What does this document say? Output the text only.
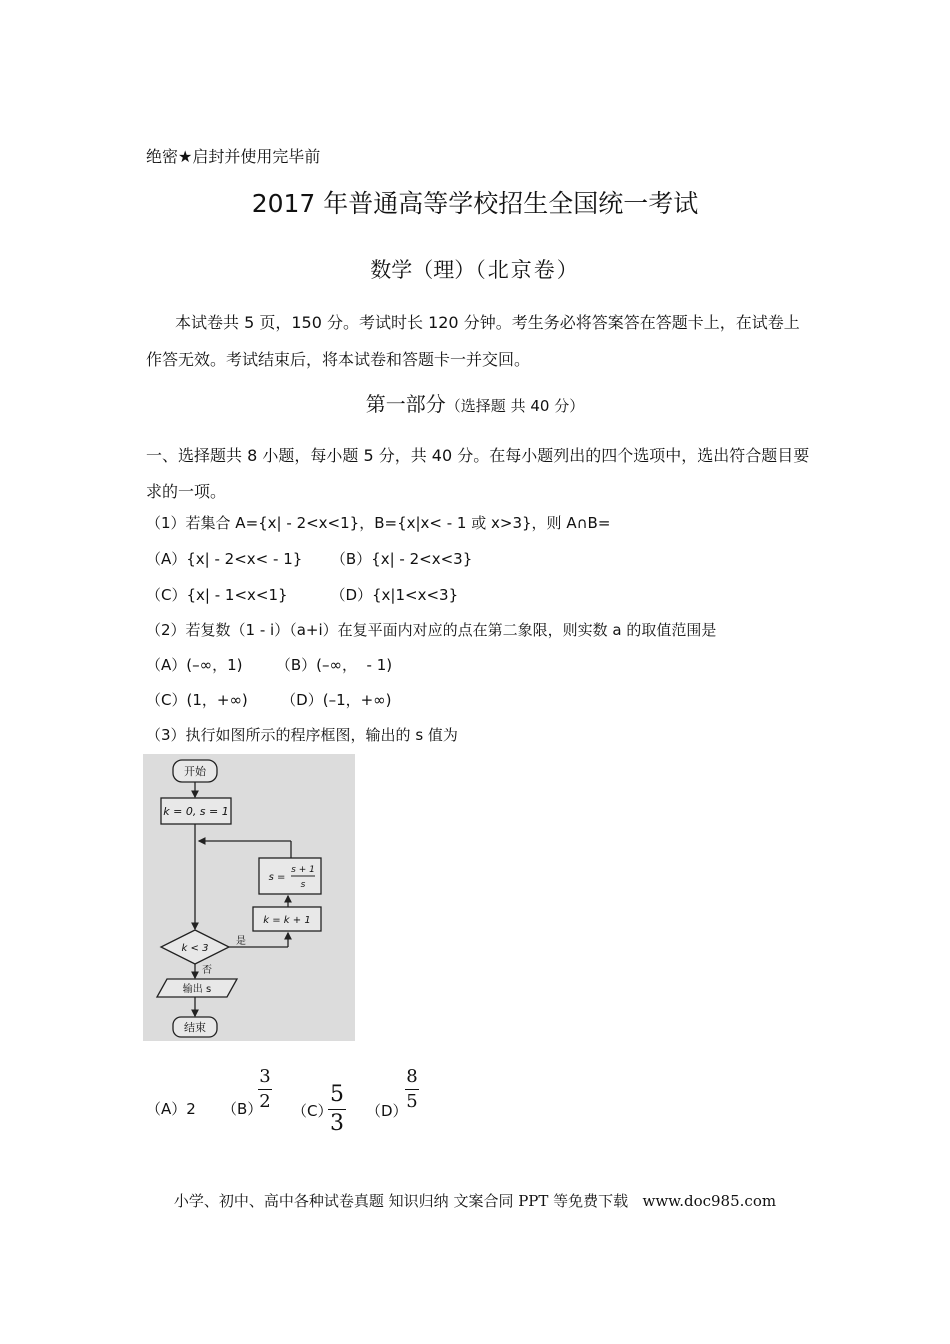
绝密★启封并使用完毕前
2017 年普通高等学校招生全国统一考试
数学（理）（北京卷）
本试卷共 5 页，150 分。考试时长 120 分钟。考生务必将答案答在答题卡上，在试卷上作答无效。考试结束后，将本试卷和答题卡一并交回。
第一部分（选择题 共 40 分）
一、选择题共 8 小题，每小题 5 分，共 40 分。在每小题列出的四个选项中，选出符合题目要求的一项。
（1）若集合 A={x| - 2<x<1}，B={x|x< - 1 或 x>3}，则 A∩B=
（A）{x| - 2<x< - 1}      （B）{x| - 2<x<3}
（C）{x| - 1<x<1}         （D）{x|1<x<3}
（2）若复数（1 - i）（a+i）在复平面内对应的点在第二象限，则实数 a 的取值范围是
（A）(–∞，1)       （B）(–∞，  - 1)
（C）(1，+∞)       （D）(–1，+∞)
（3）执行如图所示的程序框图，输出的 s 值为
开始
k = 0, s = 1
s =
s + 1
s
k = k + 1
k < 3
是
否
输出 s
结束
（A）2 （B）
3
2 （C）
5
3 （D）
8
5
小学、初中、高中各种试卷真题 知识归纳 文案合同 PPT 等免费下载   www.doc985.com
